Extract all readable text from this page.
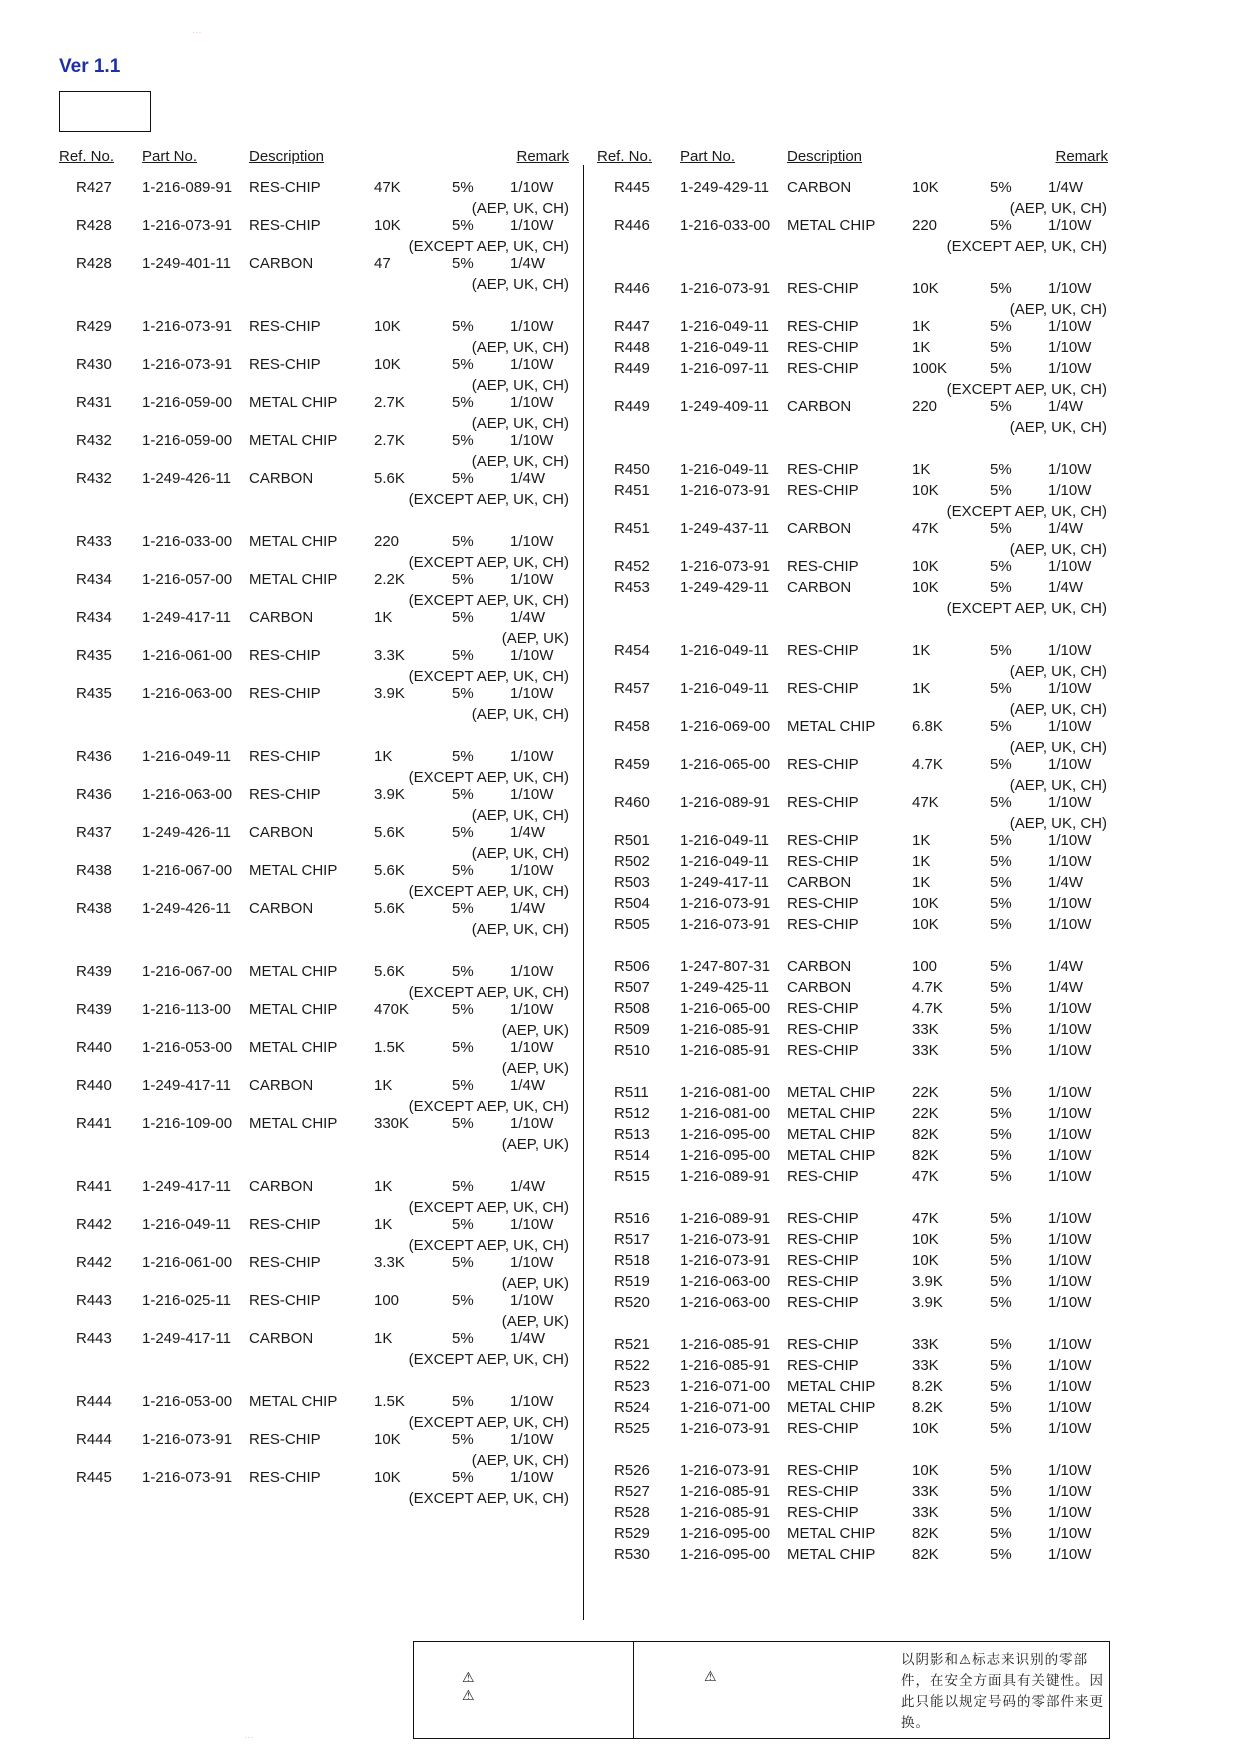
· · ·
Ver 1.1
Ref. No. Part No.	Description	Remark Ref. No. Part No.	Description	Remark
R427 1-216-089-91 RES-CHIP	47K	5% 1/10W
(AEP, UK, CH)
R428 1-216-073-91 RES-CHIP	10K	5% 1/10W
(EXCEPT AEP, UK, CH)
R428 1-249-401-11 CARBON	47	5% 1/4W
(AEP, UK, CH)
R429 1-216-073-91 RES-CHIP	10K	5% 1/10W
(AEP, UK, CH)
R430 1-216-073-91 RES-CHIP	10K	5% 1/10W
(AEP, UK, CH)
R431 1-216-059-00 METAL CHIP 2.7K	5% 1/10W
(AEP, UK, CH)
R432 1-216-059-00 METAL CHIP 2.7K	5% 1/10W
(AEP, UK, CH)
R432 1-249-426-11 CARBON	5.6K	5% 1/4W
(EXCEPT AEP, UK, CH)
R433 1-216-033-00 METAL CHIP 220	5% 1/10W
(EXCEPT AEP, UK, CH)
R434 1-216-057-00 METAL CHIP 2.2K	5% 1/10W
(EXCEPT AEP, UK, CH)
R434 1-249-417-11 CARBON	1K	5% 1/4W
(AEP, UK)
R435 1-216-061-00 RES-CHIP	3.3K	5% 1/10W
(EXCEPT AEP, UK, CH)
R435 1-216-063-00 RES-CHIP	3.9K	5% 1/10W
(AEP, UK, CH)
R436 1-216-049-11 RES-CHIP	1K	5% 1/10W
(EXCEPT AEP, UK, CH)
R436 1-216-063-00 RES-CHIP	3.9K	5% 1/10W
(AEP, UK, CH)
R437 1-249-426-11 CARBON	5.6K	5% 1/4W
(AEP, UK, CH)
R438 1-216-067-00 METAL CHIP 5.6K	5% 1/10W
(EXCEPT AEP, UK, CH)
R438 1-249-426-11 CARBON	5.6K	5% 1/4W
(AEP, UK, CH)
R439 1-216-067-00 METAL CHIP 5.6K	5% 1/10W
(EXCEPT AEP, UK, CH)
R439 1-216-113-00 METAL CHIP 470K	5% 1/10W
(AEP, UK)
R440 1-216-053-00 METAL CHIP 1.5K	5% 1/10W
(AEP, UK)
R440 1-249-417-11 CARBON	1K	5% 1/4W
(EXCEPT AEP, UK, CH)
R441 1-216-109-00 METAL CHIP 330K	5% 1/10W
(AEP, UK)
R441 1-249-417-11 CARBON	1K	5% 1/4W
(EXCEPT AEP, UK, CH)
R442 1-216-049-11 RES-CHIP	1K	5% 1/10W
(EXCEPT AEP, UK, CH)
R442 1-216-061-00 RES-CHIP	3.3K	5% 1/10W
(AEP, UK)
R443 1-216-025-11 RES-CHIP	100	5% 1/10W
(AEP, UK)
R443 1-249-417-11 CARBON	1K	5% 1/4W
(EXCEPT AEP, UK, CH)
R444 1-216-053-00 METAL CHIP 1.5K	5% 1/10W
(EXCEPT AEP, UK, CH)
R444 1-216-073-91 RES-CHIP	10K	5% 1/10W
(AEP, UK, CH)
R445 1-216-073-91 RES-CHIP	10K	5% 1/10W
(EXCEPT AEP, UK, CH)
R445 1-249-429-11 CARBON	10K	5% 1/4W
(AEP, UK, CH)
R446 1-216-033-00 METAL CHIP 220	5% 1/10W
(EXCEPT AEP, UK, CH)
R446 1-216-073-91 RES-CHIP	10K	5% 1/10W
(AEP, UK, CH)
R447 1-216-049-11 RES-CHIP	1K	5% 1/10W
R448 1-216-049-11 RES-CHIP	1K	5% 1/10W
R449 1-216-097-11 RES-CHIP	100K	5% 1/10W
(EXCEPT AEP, UK, CH)
R449 1-249-409-11 CARBON	220	5% 1/4W
(AEP, UK, CH)
R450 1-216-049-11 RES-CHIP	1K	5% 1/10W
R451 1-216-073-91 RES-CHIP	10K	5% 1/10W
(EXCEPT AEP, UK, CH)
R451 1-249-437-11 CARBON	47K	5% 1/4W
(AEP, UK, CH)
R452 1-216-073-91 RES-CHIP	10K	5% 1/10W
R453 1-249-429-11 CARBON	10K	5% 1/4W
(EXCEPT AEP, UK, CH)
R454 1-216-049-11 RES-CHIP	1K	5% 1/10W
(AEP, UK, CH)
R457 1-216-049-11 RES-CHIP	1K	5% 1/10W
(AEP, UK, CH)
R458 1-216-069-00 METAL CHIP 6.8K	5% 1/10W
(AEP, UK, CH)
R459 1-216-065-00 RES-CHIP	4.7K	5% 1/10W
(AEP, UK, CH)
R460 1-216-089-91 RES-CHIP	47K	5% 1/10W
(AEP, UK, CH)
R501 1-216-049-11 RES-CHIP	1K	5% 1/10W
R502 1-216-049-11 RES-CHIP	1K	5% 1/10W
R503 1-249-417-11 CARBON	1K	5% 1/4W
R504 1-216-073-91 RES-CHIP	10K	5% 1/10W
R505 1-216-073-91 RES-CHIP	10K	5% 1/10W
R506 1-247-807-31 CARBON	100	5% 1/4W
R507 1-249-425-11 CARBON	4.7K	5% 1/4W
R508 1-216-065-00 RES-CHIP	4.7K	5% 1/10W
R509 1-216-085-91 RES-CHIP	33K	5% 1/10W
R510 1-216-085-91 RES-CHIP	33K	5% 1/10W
R511 1-216-081-00 METAL CHIP 22K	5% 1/10W
R512 1-216-081-00 METAL CHIP 22K	5% 1/10W
R513 1-216-095-00 METAL CHIP 82K	5% 1/10W
R514 1-216-095-00 METAL CHIP 82K	5% 1/10W
R515 1-216-089-91 RES-CHIP	47K	5% 1/10W
R516 1-216-089-91 RES-CHIP	47K	5% 1/10W
R517 1-216-073-91 RES-CHIP	10K	5% 1/10W
R518 1-216-073-91 RES-CHIP	10K	5% 1/10W
R519 1-216-063-00 RES-CHIP	3.9K	5% 1/10W
R520 1-216-063-00 RES-CHIP	3.9K	5% 1/10W
R521 1-216-085-91 RES-CHIP	33K	5% 1/10W
R522 1-216-085-91 RES-CHIP	33K	5% 1/10W
R523 1-216-071-00 METAL CHIP 8.2K	5% 1/10W
R524 1-216-071-00 METAL CHIP 8.2K	5% 1/10W
R525 1-216-073-91 RES-CHIP	10K	5% 1/10W
R526 1-216-073-91 RES-CHIP	10K	5% 1/10W
R527 1-216-085-91 RES-CHIP	33K	5% 1/10W
R528 1-216-085-91 RES-CHIP	33K	5% 1/10W
R529 1-216-095-00 METAL CHIP 82K	5% 1/10W
R530 1-216-095-00 METAL CHIP 82K	5% 1/10W
⚠
⚠
⚠
以阴影和⚠标志来识别的零部件，在安全方面具有关键性。因此只能以规定号码的零部件来更换。
· · ·
